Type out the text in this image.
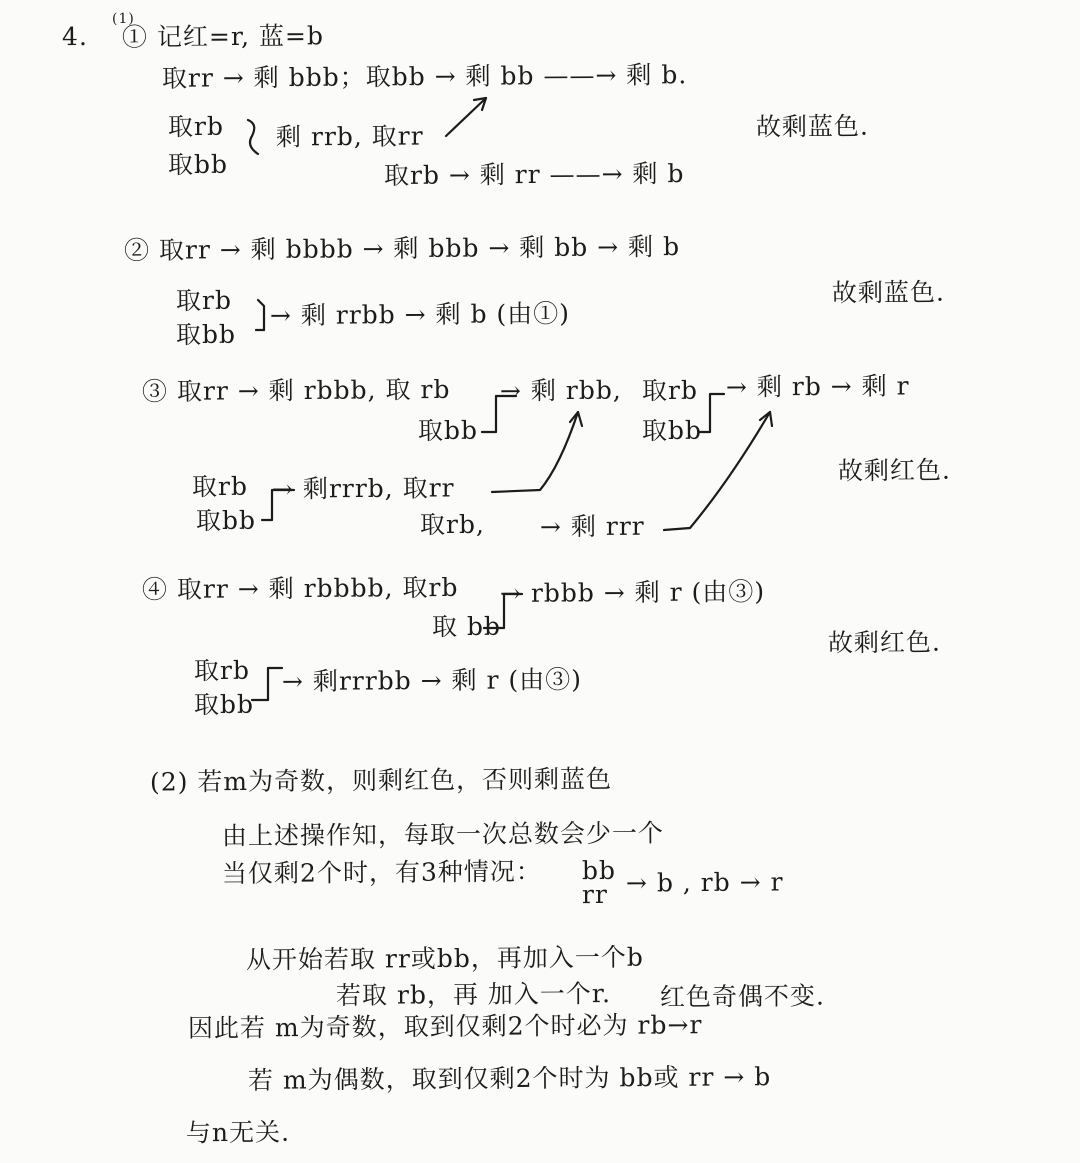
4.
(1)
① 记红=r, 蓝=b
取rr → 剩 bbb；取bb → 剩 bb ——→ 剩 b.
取rb
取bb
剩 rrb, 取rr
取rb → 剩 rr ——→ 剩 b
故剩蓝色.
② 取rr → 剩 bbbb → 剩 bbb → 剩 bb → 剩 b
取rb
取bb
→ 剩 rrbb → 剩 b (由①)
故剩蓝色.
③ 取rr → 剩 rbbb, 取 rb → 剩 rbb, 取rb → 剩 rb → 剩 r
取bb	取bb
取rb → 剩rrrb, 取rr
取bb	取rb, → 剩 rrr
故剩红色.
④ 取rr → 剩 rbbbb, 取rb → rbbb → 剩 r (由③)
取 bb
取rb → 剩rrrbb → 剩 r (由③)
取bb
故剩红色.
(2) 若m为奇数，则剩红色，否则剩蓝色
由上述操作知，每取一次总数会少一个
当仅剩2个时，有3种情况： bb
rr → b , rb → r
从开始若取 rr或bb，再加入一个b
若取 rb，再 加入一个r. 红色奇偶不变.
因此若 m为奇数，取到仅剩2个时必为 rb→r
若 m为偶数，取到仅剩2个时为 bb或 rr → b
与n无关.
